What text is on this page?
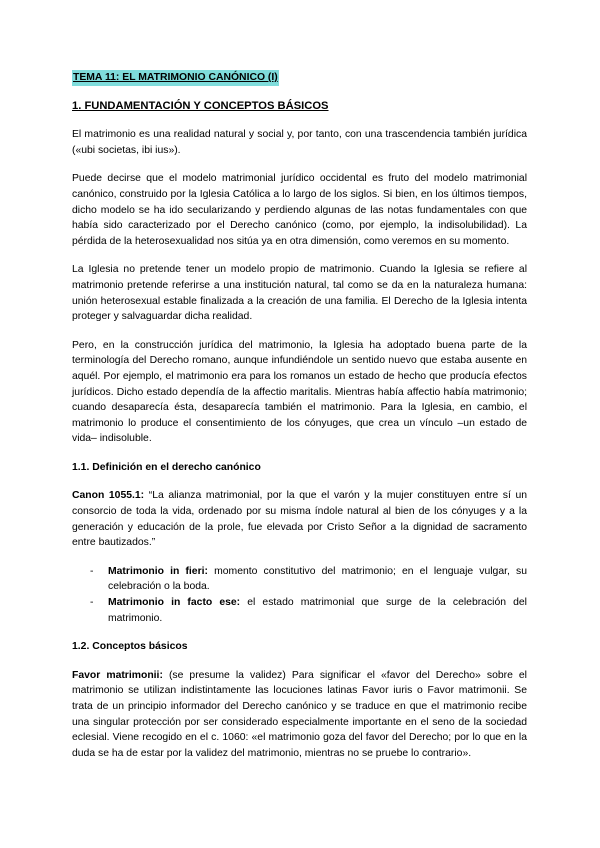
TEMA 11: EL MATRIMONIO CANÓNICO (I)
1. FUNDAMENTACIÓN Y CONCEPTOS BÁSICOS

El matrimonio es una realidad natural y social y, por tanto, con una trascendencia también jurídica («ubi societas, ibi ius»).

Puede decirse que el modelo matrimonial jurídico occidental es fruto del modelo matrimonial canónico, construido por la Iglesia Católica a lo largo de los siglos. Si bien, en los últimos tiempos, dicho modelo se ha ido secularizando y perdiendo algunas de las notas fundamentales con que había sido caracterizado por el Derecho canónico (como, por ejemplo, la indisolubilidad). La pérdida de la heterosexualidad nos sitúa ya en otra dimensión, como veremos en su momento.

La Iglesia no pretende tener un modelo propio de matrimonio. Cuando la Iglesia se refiere al matrimonio pretende referirse a una institución natural, tal como se da en la naturaleza humana: unión heterosexual estable finalizada a la creación de una familia. El Derecho de la Iglesia intenta proteger y salvaguardar dicha realidad.

Pero, en la construcción jurídica del matrimonio, la Iglesia ha adoptado buena parte de la terminología del Derecho romano, aunque infundiéndole un sentido nuevo que estaba ausente en aquél. Por ejemplo, el matrimonio era para los romanos un estado de hecho que producía efectos jurídicos. Dicho estado dependía de la affectio maritalis. Mientras había affectio había matrimonio; cuando desaparecía ésta, desaparecía también el matrimonio. Para la Iglesia, en cambio, el matrimonio lo produce el consentimiento de los cónyuges, que crea un vínculo –un estado de vida– indisoluble.

1.1. Definición en el derecho canónico

Canon 1055.1: “La alianza matrimonial, por la que el varón y la mujer constituyen entre sí un consorcio de toda la vida, ordenado por su misma índole natural al bien de los cónyuges y a la generación y educación de la prole, fue elevada por Cristo Señor a la dignidad de sacramento entre bautizados.”

- Matrimonio in fieri: momento constitutivo del matrimonio; en el lenguaje vulgar, su celebración o la boda.
- Matrimonio in facto ese: el estado matrimonial que surge de la celebración del matrimonio.
1.2. Conceptos básicos

Favor matrimonii: (se presume la validez) Para significar el «favor del Derecho» sobre el matrimonio se utilizan indistintamente las locuciones latinas Favor iuris o Favor matrimonii. Se trata de un principio informador del Derecho canónico y se traduce en que el matrimonio recibe una singular protección por ser considerado especialmente importante en el seno de la sociedad eclesial. Viene recogido en el c. 1060: «el matrimonio goza del favor del Derecho; por lo que en la duda se ha de estar por la validez del matrimonio, mientras no se pruebe lo contrario».
